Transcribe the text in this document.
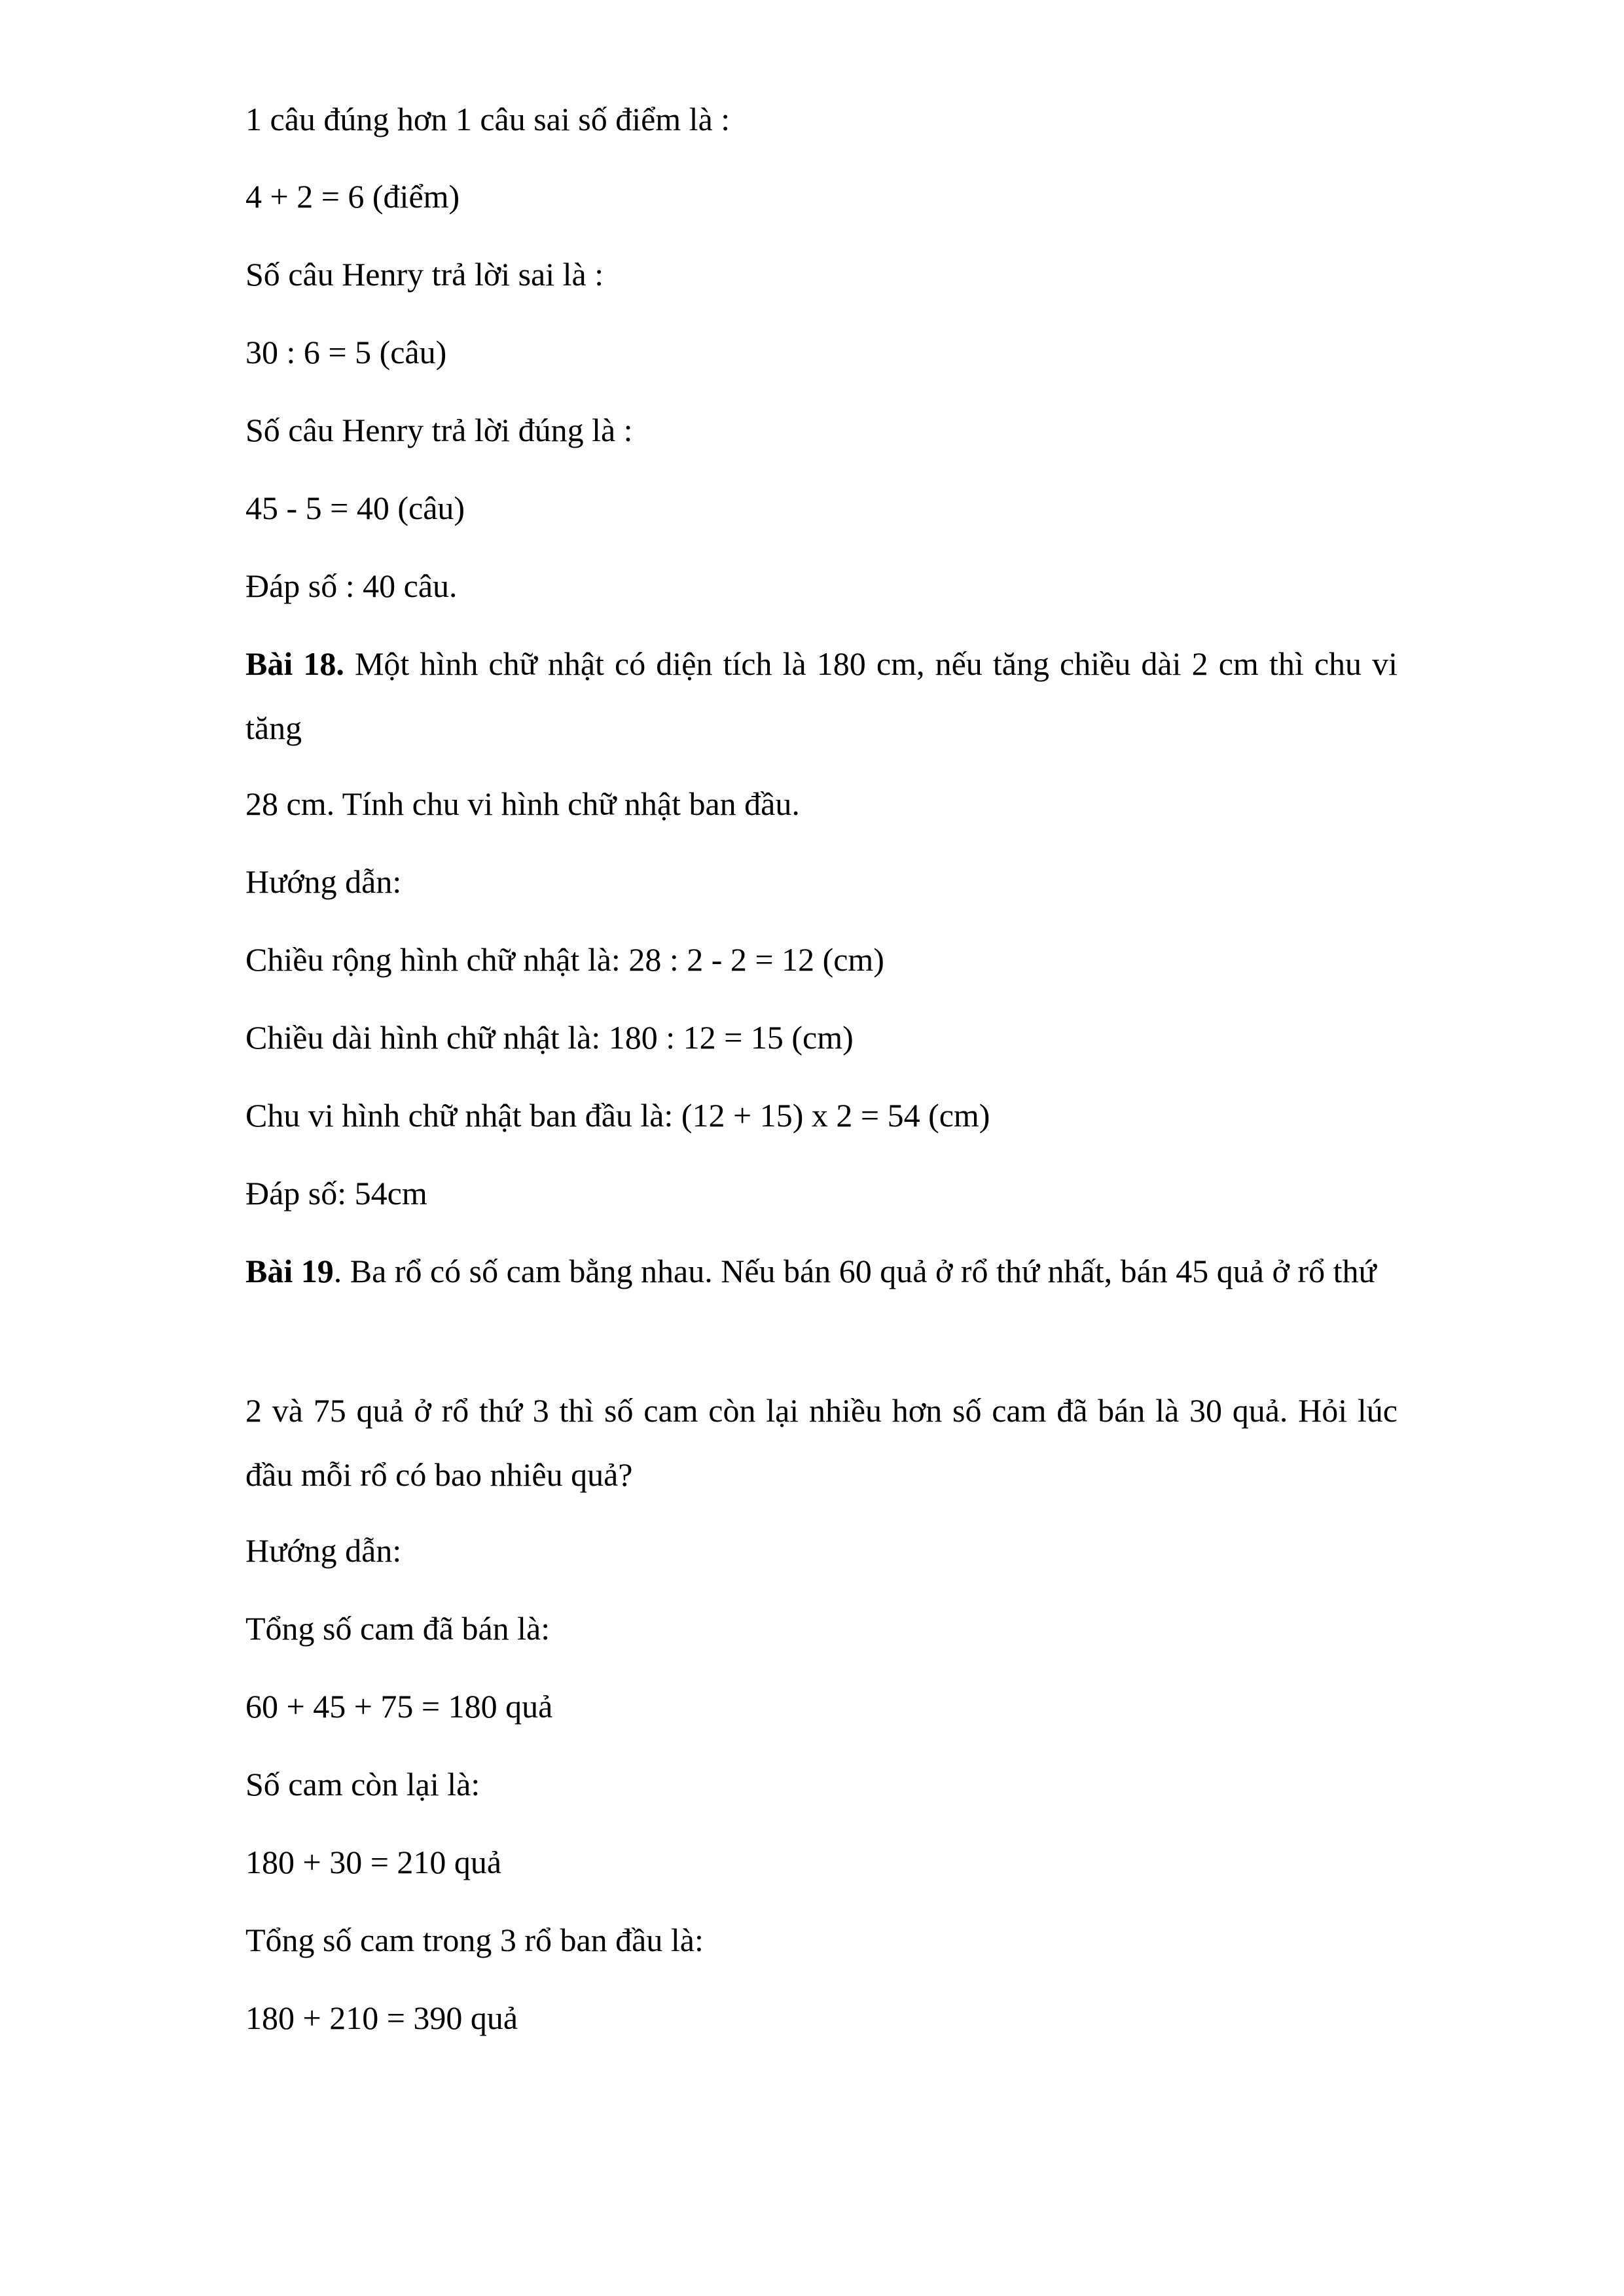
1 câu đúng hơn 1 câu sai số điểm là :
4 + 2 = 6 (điểm)
Số câu Henry trả lời sai là :
30 : 6 = 5 (câu)
Số câu Henry trả lời đúng là :
45 - 5 = 40 (câu)
Đáp số : 40 câu.
Bài 18. Một hình chữ nhật có diện tích là 180 cm, nếu tăng chiều dài 2 cm thì chu vi tăng
28 cm. Tính chu vi hình chữ nhật ban đầu.
Hướng dẫn:
Chiều rộng hình chữ nhật là: 28 : 2 - 2 = 12 (cm)
Chiều dài hình chữ nhật là: 180 : 12 = 15 (cm)
Chu vi hình chữ nhật ban đầu là: (12 + 15) x 2 = 54 (cm)
Đáp số: 54cm
Bài 19. Ba rổ có số cam bằng nhau. Nếu bán 60 quả ở rổ thứ nhất, bán 45 quả ở rổ thứ
2 và 75 quả ở rổ thứ 3 thì số cam còn lại nhiều hơn số cam đã bán là 30 quả. Hỏi lúc đầu mỗi rổ có bao nhiêu quả?
Hướng dẫn:
Tổng số cam đã bán là:
60 + 45 + 75 = 180 quả
Số cam còn lại là:
180 + 30 = 210 quả
Tổng số cam trong 3 rổ ban đầu là:
180 + 210 = 390 quả
